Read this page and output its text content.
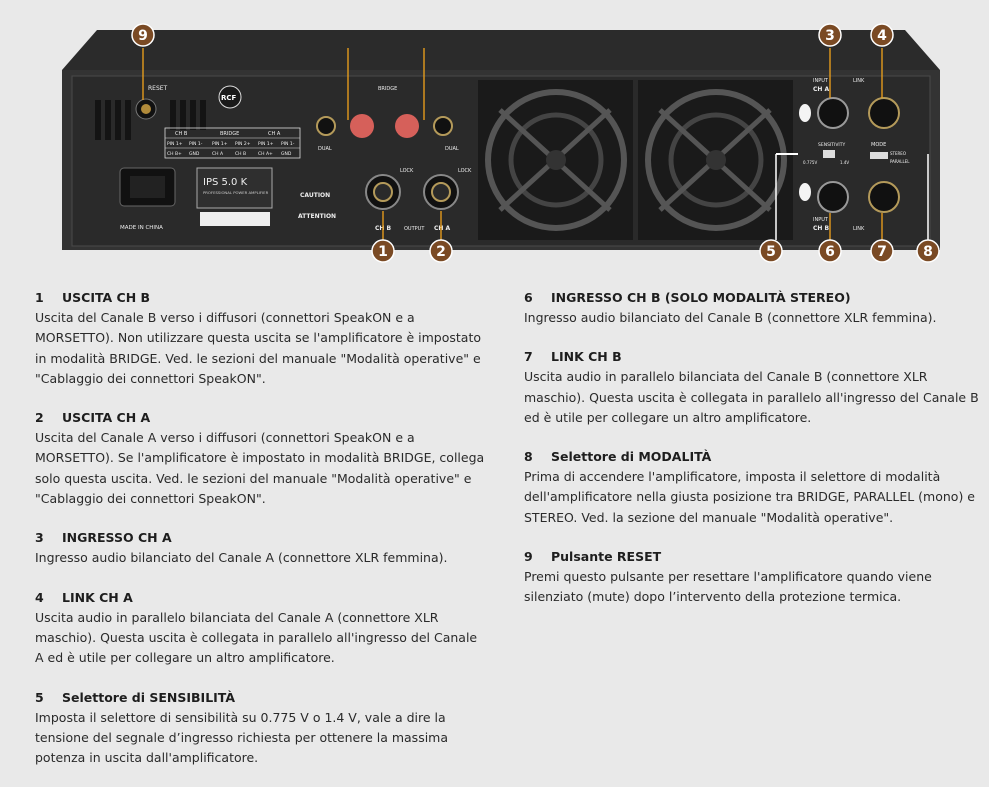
RESET
MADE IN CHINA
RCF
CH B	BRIDGE	CH A
PIN 1+ PIN 1- PIN 1+ PIN 2+ PIN 1+ PIN 1-
CH B+ GND	CH A	CH B	CH A+ GND
IPS 5.0 K
PROFESSIONAL POWER AMPLIFIER	CAUTION
ATTENTION
BRIDGE
DUAL	DUAL
LOCK	LOCK
CH B	OUTPUT CH A
INPUT
CH A
LINK
MODE
STEREO
PARALLEL
SENSITIVITY
0.775V	1.4V
INPUT
CH B	LINK
1	2
3	4
5	6	7	8
9
1 USCITA CH B
Uscita del Canale B verso i diffusori (connettori SpeakON e a MORSETTO). Non utilizzare questa uscita se l'amplificatore è impostato in modalità BRIDGE. Ved. le sezioni del manuale "Modalità operative" e "Cablaggio dei connettori SpeakON".
2 USCITA CH A
Uscita del Canale A verso i diffusori (connettori SpeakON e a MORSETTO). Se l'amplificatore è impostato in modalità BRIDGE, collega solo questa uscita. Ved. le sezioni del manuale "Modalità operative" e "Cablaggio dei connettori SpeakON".
3 INGRESSO CH A
Ingresso audio bilanciato del Canale A (connettore XLR femmina).
4 LINK CH A
Uscita audio in parallelo bilanciata del Canale A (connettore XLR maschio). Questa uscita è collegata in parallelo all'ingresso del Canale A ed è utile per collegare un altro amplificatore.
5 Selettore di SENSIBILITÀ
Imposta il selettore di sensibilità su 0.775 V o 1.4 V, vale a dire la tensione del segnale d’ingresso richiesta per ottenere la massima potenza in uscita dall'amplificatore.
6 INGRESSO CH B (SOLO MODALITÀ STEREO)
Ingresso audio bilanciato del Canale B (connettore XLR femmina).
7 LINK CH B
Uscita audio in parallelo bilanciata del Canale B (connettore XLR maschio). Questa uscita è collegata in parallelo all'ingresso del Canale B ed è utile per collegare un altro amplificatore.
8 Selettore di MODALITÀ
Prima di accendere l'amplificatore, imposta il selettore di modalità dell'amplificatore nella giusta posizione tra BRIDGE, PARALLEL (mono) e STEREO. Ved. la sezione del manuale "Modalità operative".
9 Pulsante RESET
Premi questo pulsante per resettare l'amplificatore quando viene silenziato (mute) dopo l’intervento della protezione termica.
